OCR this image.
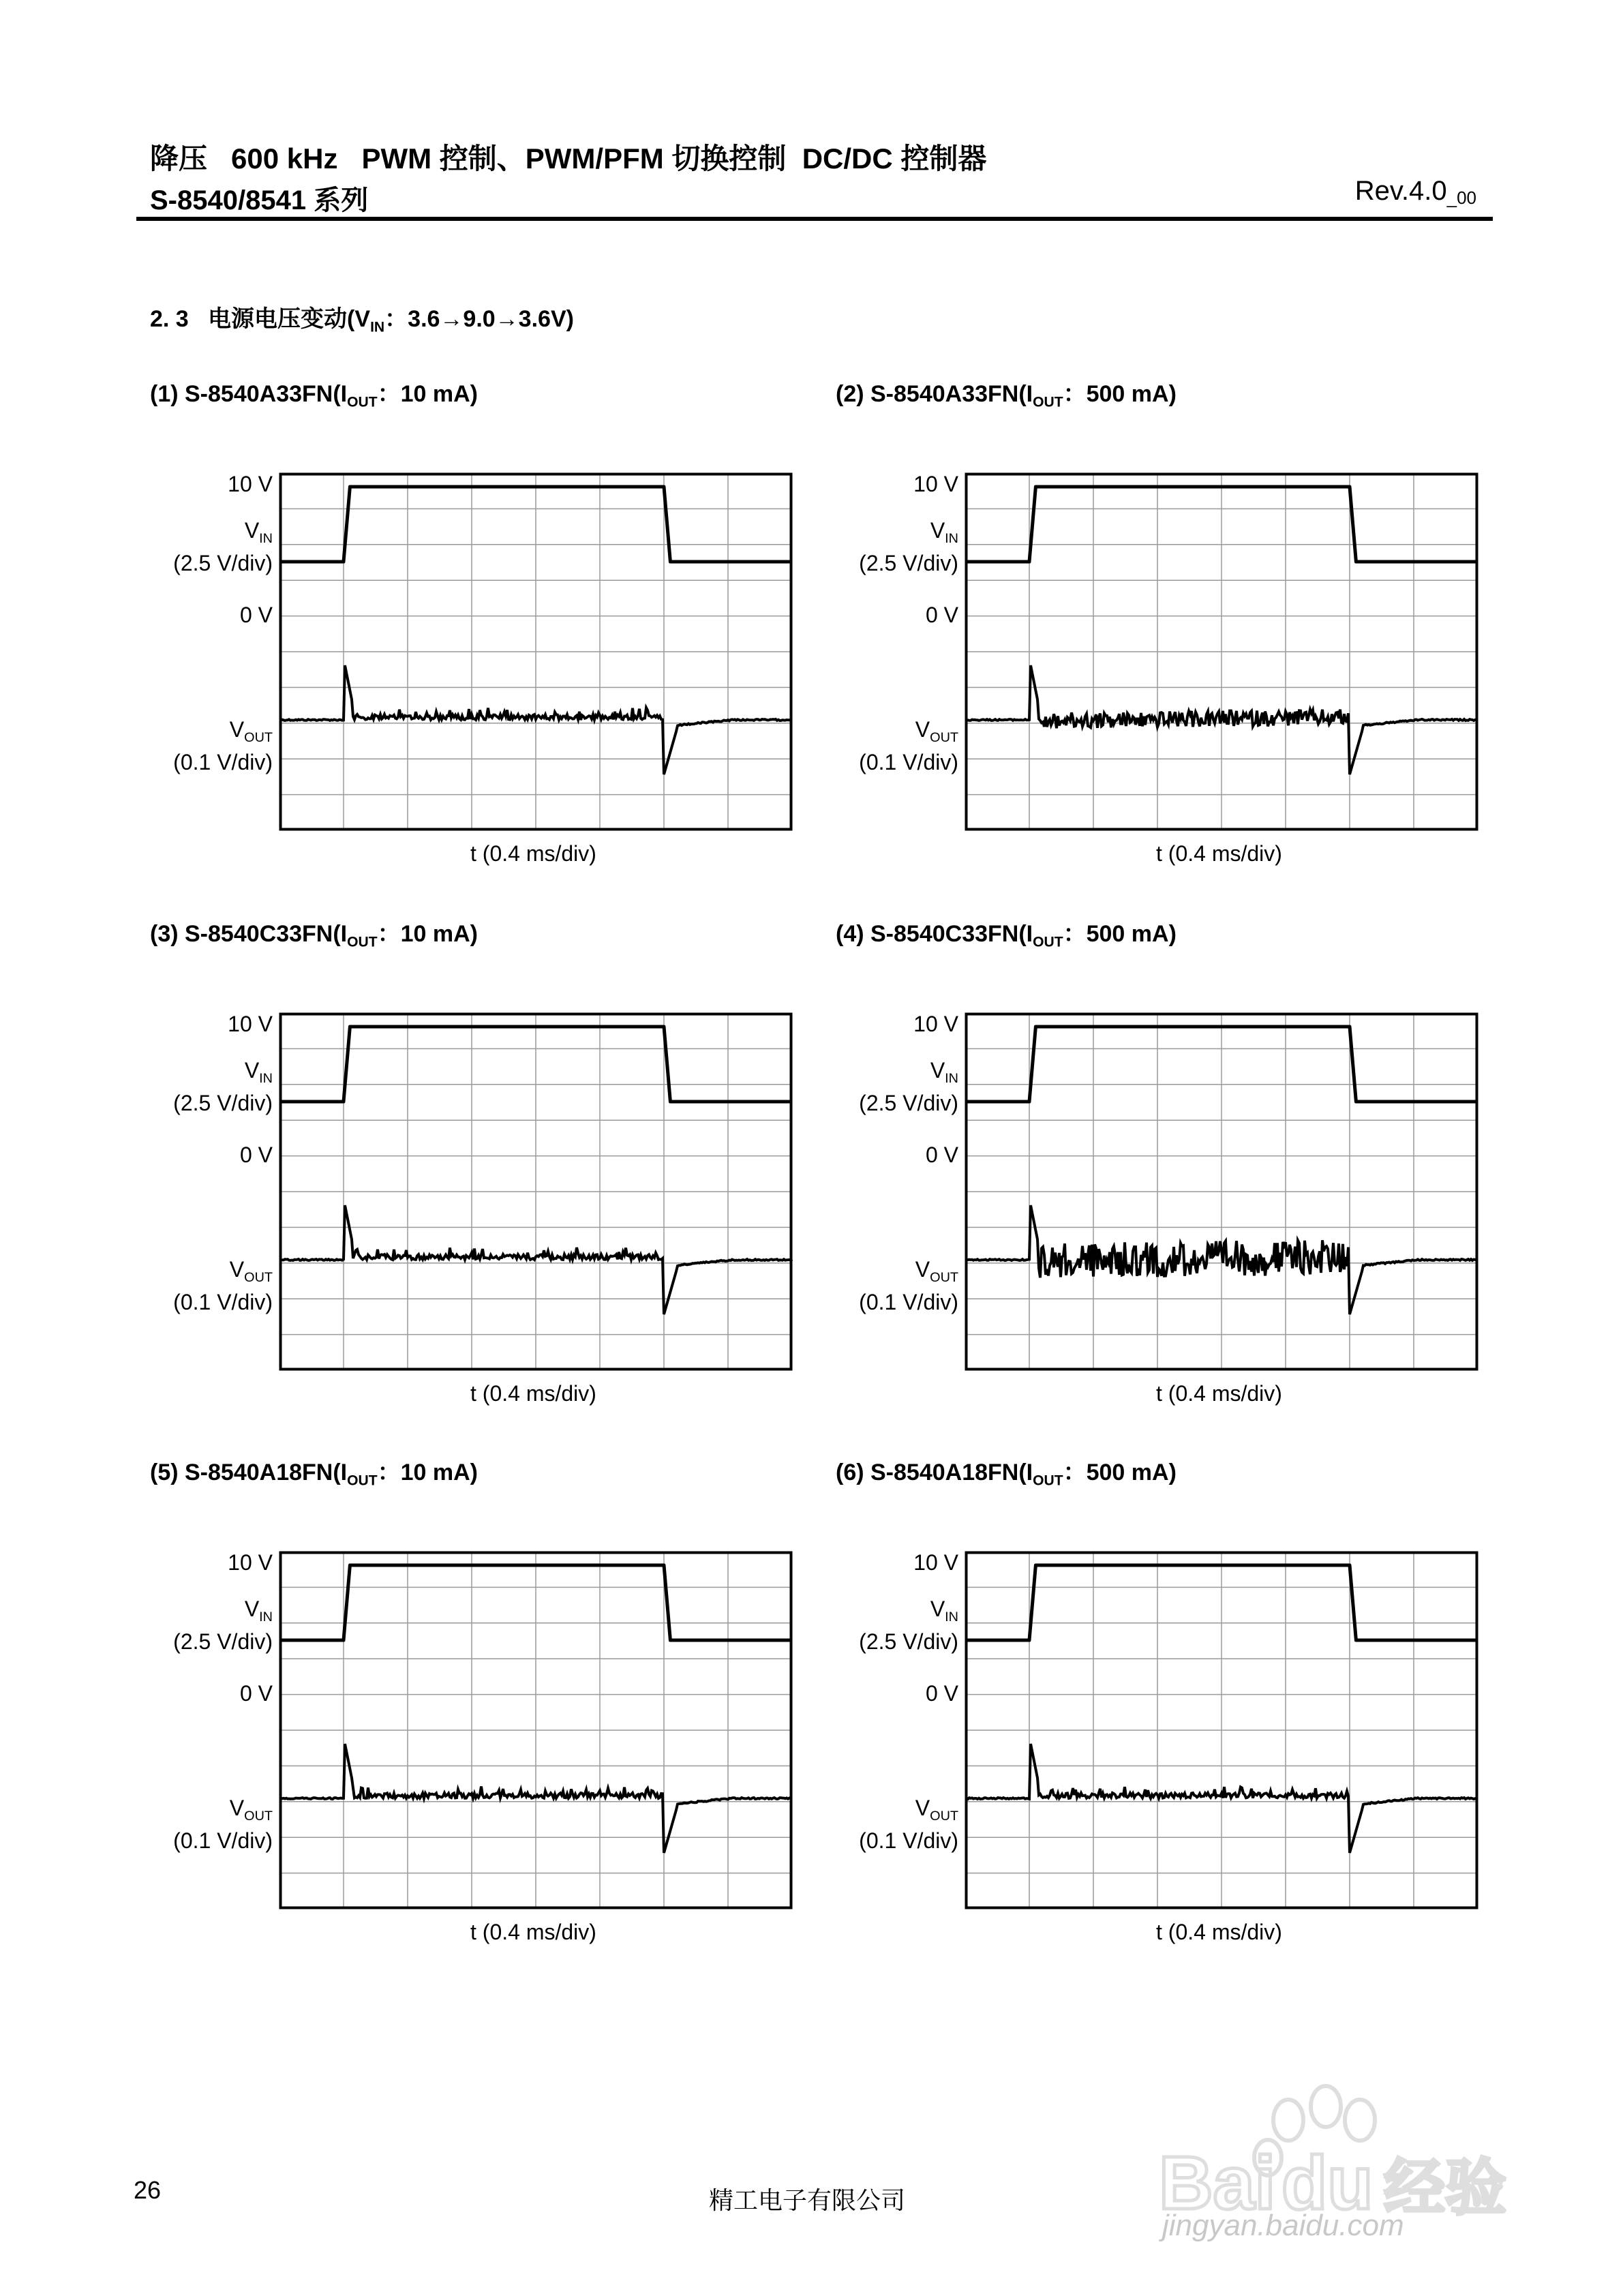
降压   600 kHz   PWM 控制、PWM/PFM 切换控制  DC/DC 控制器
S-8540/8541 系列	$Rev.4.0_{\_00}$
2. 3 电源电压变动($V_{IN}$：3.6→9.0→3.6V)
(1) $S-8540A33FN(I_{OUT}$：10 mA)
10 V
$V_{IN}$
(2.5 V/div)
0 V
$V_{OUT}$
(0.1 V/div)
t (0.4 ms/div)
(2) $S-8540A33FN(I_{OUT}$：500 mA)
10 V
$V_{IN}$
(2.5 V/div)
0 V
$V_{OUT}$
(0.1 V/div)
t (0.4 ms/div)
(3) $S-8540C33FN(I_{OUT}$：10 mA)
10 V
$V_{IN}$
(2.5 V/div)
0 V
$V_{OUT}$
(0.1 V/div)
t (0.4 ms/div)
(4) $S-8540C33FN(I_{OUT}$：500 mA)
10 V
$V_{IN}$
(2.5 V/div)
0 V
$V_{OUT}$
(0.1 V/div)
t (0.4 ms/div)
(5) $S-8540A18FN(I_{OUT}$：10 mA)
10 V
$V_{IN}$
(2.5 V/div)
0 V
$V_{OUT}$
(0.1 V/div)
t (0.4 ms/div)
(6) $S-8540A18FN(I_{OUT}$：500 mA)
10 V
$V_{IN}$
(2.5 V/div)
0 V
$V_{OUT}$
(0.1 V/div)
t (0.4 ms/div)
26	精工电子有限公司	Bai du 经验
jingyan.baidu.com
